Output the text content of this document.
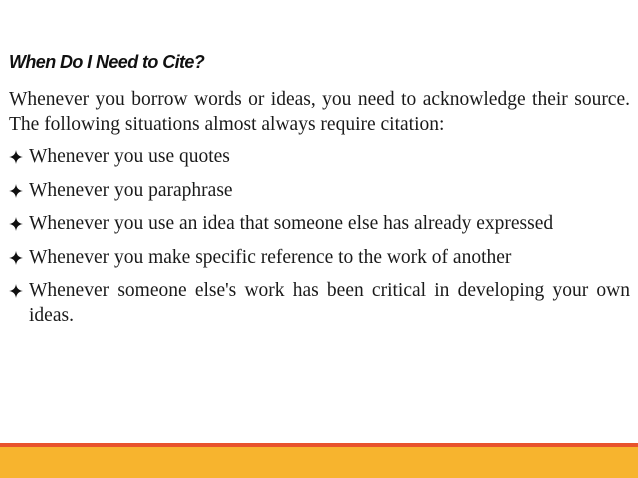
When Do I Need to Cite?

Whenever you borrow words or ideas, you need to acknowledge their source. The following situations almost always require citation:

Whenever you use quotes
Whenever you paraphrase
Whenever you use an idea that someone else has already expressed
Whenever you make specific reference to the work of another
Whenever someone else's work has been critical in developing your own ideas.
